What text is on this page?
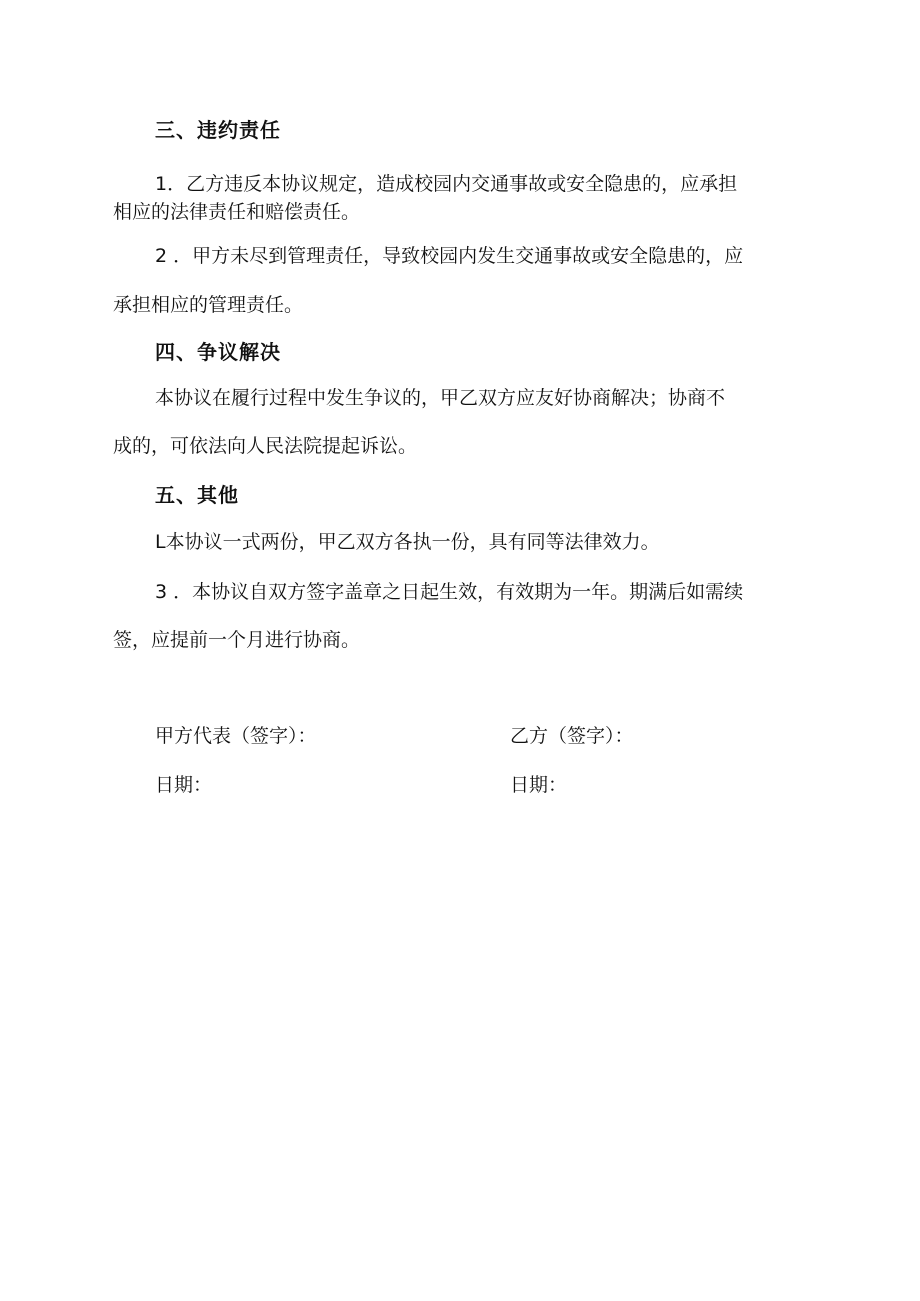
三、违约责任
1．乙方违反本协议规定，造成校园内交通事故或安全隐患的，应承担
相应的法律责任和赔偿责任。
2 ．甲方未尽到管理责任，导致校园内发生交通事故或安全隐患的，应
承担相应的管理责任。
四、争议解决
本协议在履行过程中发生争议的，甲乙双方应友好协商解决；协商不
成的，可依法向人民法院提起诉讼。
五、其他
L本协议一式两份，甲乙双方各执一份，具有同等法律效力。
3 ．本协议自双方签字盖章之日起生效，有效期为一年。期满后如需续
签，应提前一个月进行协商。
甲方代表（签字）：	乙方（签字）：
日期：	日期：
